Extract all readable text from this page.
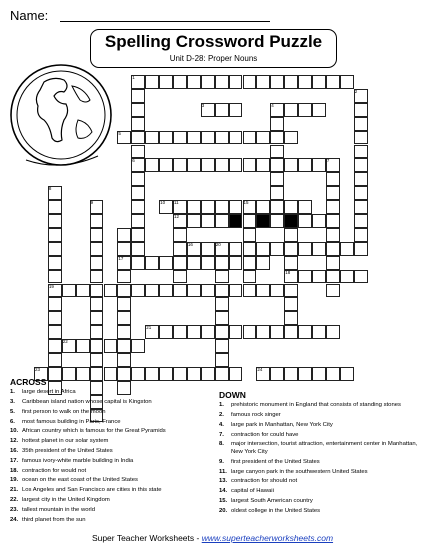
Name:
Spelling Crossword Puzzle
Unit D-28: Proper Nouns
1
2
3	4
5
6	7
8
9	10 11
12	13	14
15
16
17
18
19
20
21
22
23	24
ACROSS
1.	large desert in Africa
3.	Caribbean island nation whose capital is Kingston
5.	first person to walk on the moon
6.	most famous building in Paris, France
10. African country which is famous for the Great Pyramids
12. hottest planet in our solar system
16. 35th president of the United States
17. famous ivory-white marble building in India
18. contraction for would not
19. ocean on the east coast of the United States
21. Los Angeles and San Francisco are cities in this state
22. largest city in the United Kingdom
23. tallest mountain in the world
24. third planet from the sun
DOWN
1.	prehistoric monument in England that consists of standing stones
2.	famous rock singer
4.	large park in Manhattan, New York City
7.	contraction for could have
8.	major intersection, tourist attraction, entertainment center in Manhattan, New York City
9.	first president of the United States
11. large canyon park in the southwestern United States
13. contraction for should not
14. capital of Hawaii
15. largest South American country
20. oldest college in the United States
Super Teacher Worksheets - www.superteacherworksheets.com
